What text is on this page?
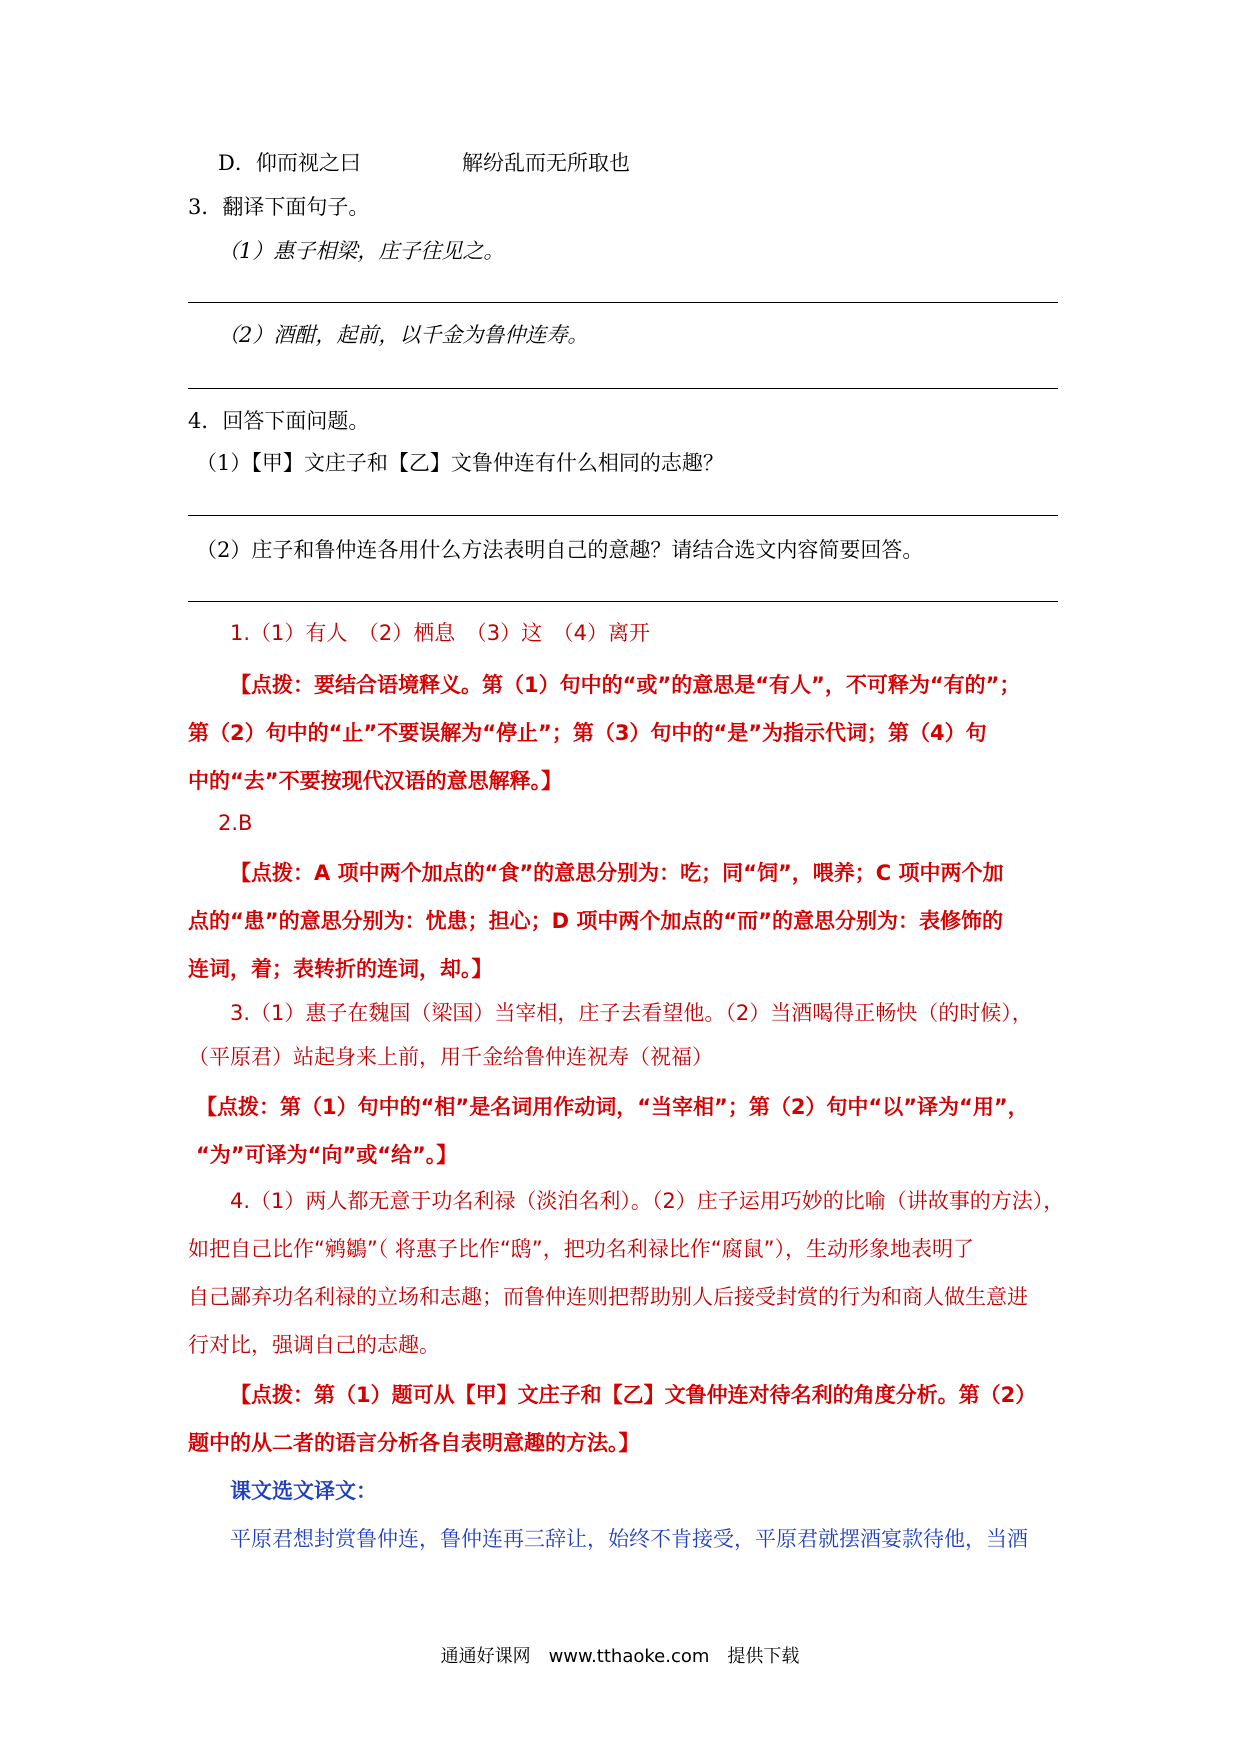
D．仰而视之曰	解纷乱而无所取也
3．翻译下面句子。
（1）惠子相梁，庄子往见之。
（2）酒酣，起前，以千金为鲁仲连寿。
4．回答下面问题。
（1）【甲】文庄子和【乙】文鲁仲连有什么相同的志趣？
（2）庄子和鲁仲连各用什么方法表明自己的意趣？请结合选文内容简要回答。
1.（1）有人　（2）栖息　（3）这　（4）离开
【点拨：要结合语境释义。第（1）句中的“或”的意思是“有人”，不可释为“有的”；
第（2）句中的“止”不要误解为“停止”；第（3）句中的“是”为指示代词；第（4）句
中的“去”不要按现代汉语的意思解释。】
2.B
【点拨：A 项中两个加点的“食”的意思分别为：吃；同“饲”，喂养；C 项中两个加
点的“患”的意思分别为：忧患；担心；D 项中两个加点的“而”的意思分别为：表修饰的
连词，着；表转折的连词，却。】
3.（1）惠子在魏国（梁国）当宰相，庄子去看望他。（2）当酒喝得正畅快（的时候），
（平原君）站起身来上前，用千金给鲁仲连祝寿（祝福）
【点拨：第（1）句中的“相”是名词用作动词，“当宰相”；第（2）句中“以”译为“用”，
“为”可译为“向”或“给”。】
4.（1）两人都无意于功名利禄（淡泊名利）。（2）庄子运用巧妙的比喻（讲故事的方法），
如把自己比作“鹓鶵”（ 将惠子比作“鸱”，把功名利禄比作“腐鼠”），生动形象地表明了
自己鄙弃功名利禄的立场和志趣；而鲁仲连则把帮助别人后接受封赏的行为和商人做生意进
行对比，强调自己的志趣。
【点拨：第（1）题可从【甲】文庄子和【乙】文鲁仲连对待名利的角度分析。第（2）
题中的从二者的语言分析各自表明意趣的方法。】
课文选文译文：
平原君想封赏鲁仲连，鲁仲连再三辞让，始终不肯接受，平原君就摆酒宴款待他，当酒
通通好课网　www.tthaoke.com　提供下载
